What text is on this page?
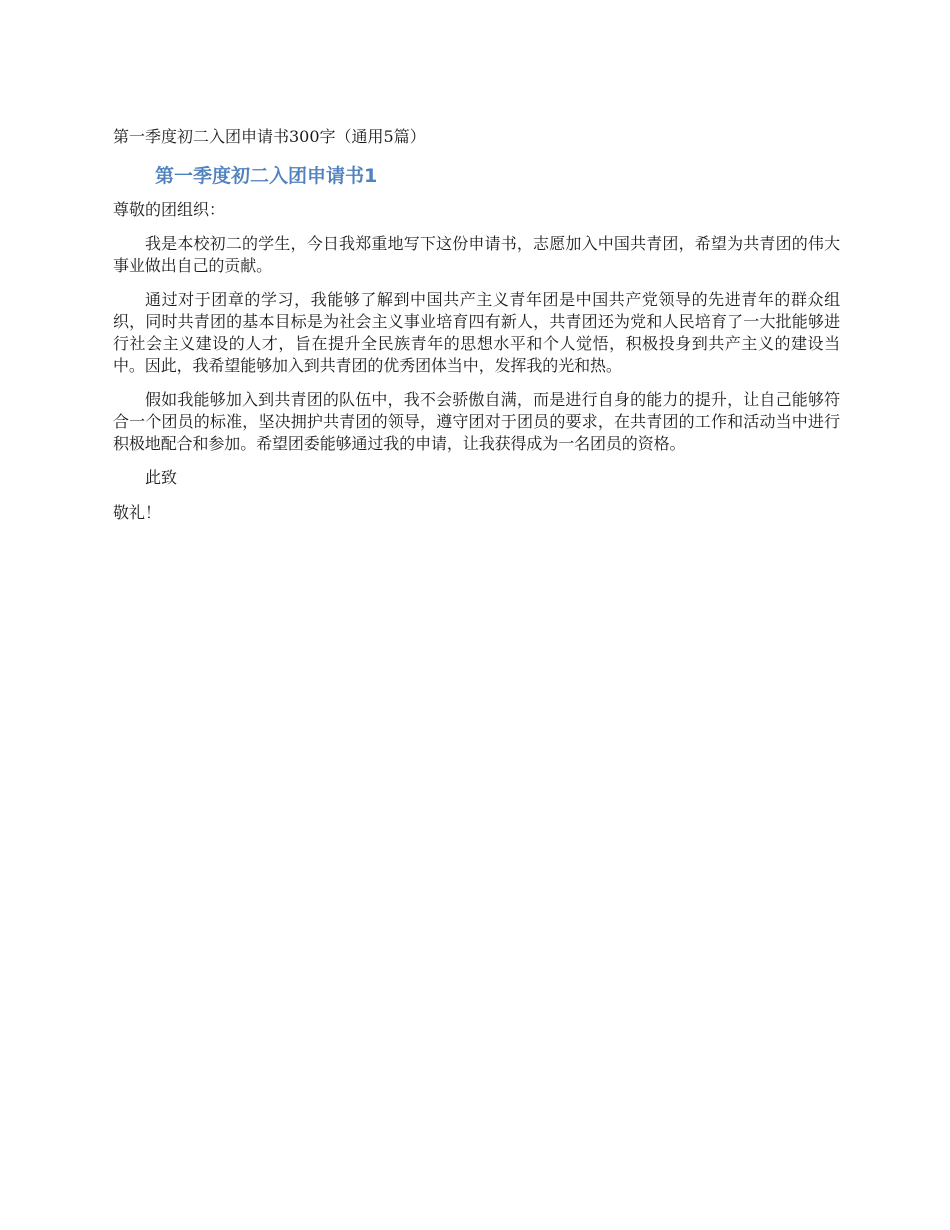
第一季度初二入团申请书300字（通用5篇）
第一季度初二入团申请书1

尊敬的团组织：

我是本校初二的学生，今日我郑重地写下这份申请书，志愿加入中国共青团，希望为共青团的伟大事业做出自己的贡献。

通过对于团章的学习，我能够了解到中国共产主义青年团是中国共产党领导的先进青年的群众组织，同时共青团的基本目标是为社会主义事业培育四有新人，共青团还为党和人民培育了一大批能够进行社会主义建设的人才，旨在提升全民族青年的思想水平和个人觉悟，积极投身到共产主义的建设当中。因此，我希望能够加入到共青团的优秀团体当中，发挥我的光和热。

假如我能够加入到共青团的队伍中，我不会骄傲自满，而是进行自身的能力的提升，让自己能够符合一个团员的标准，坚决拥护共青团的领导，遵守团对于团员的要求，在共青团的工作和活动当中进行积极地配合和参加。希望团委能够通过我的申请，让我获得成为一名团员的资格。

此致

敬礼！
